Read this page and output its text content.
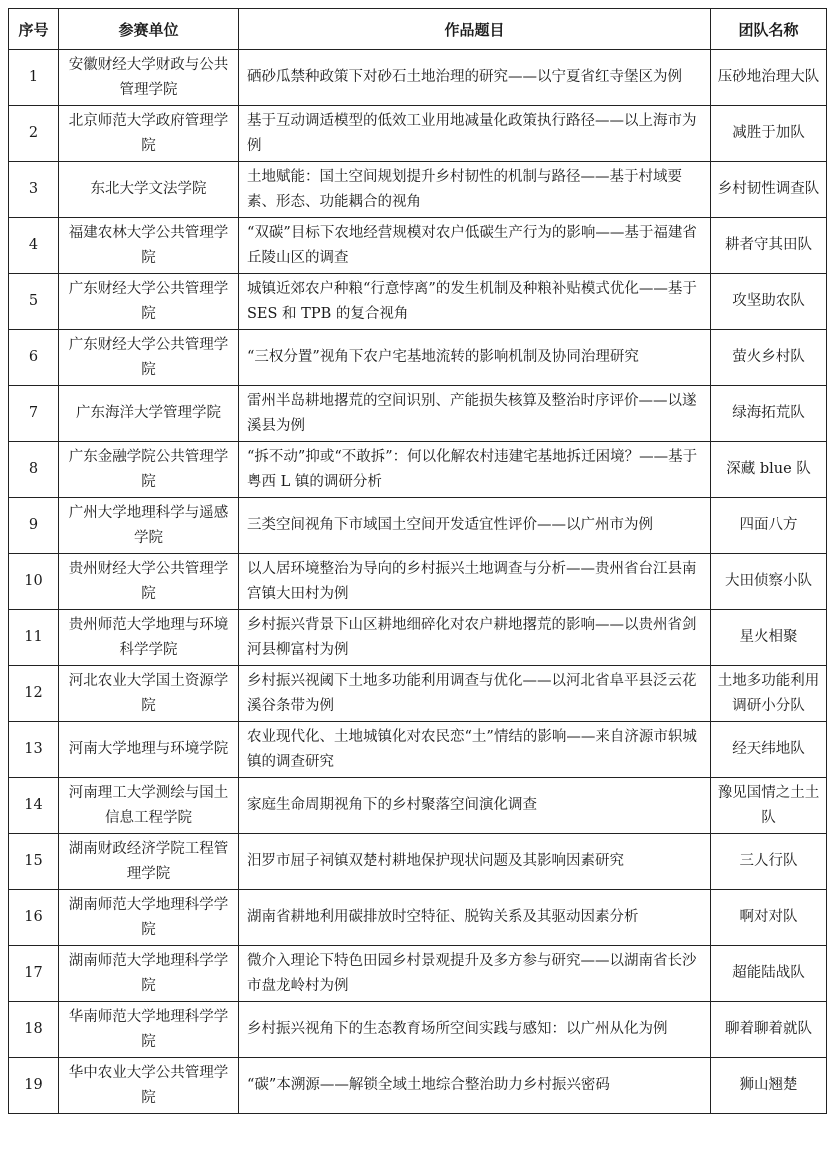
序号	参赛单位	作品题目	团队名称
1	安徽财经大学财政与公共管理学院	硒砂瓜禁种政策下对砂石土地治理的研究——以宁夏省红寺堡区为例	压砂地治理大队
2	北京师范大学政府管理学院	基于互动调适模型的低效工业用地减量化政策执行路径——以上海市为例	减胜于加队
3	东北大学文法学院	土地赋能：国土空间规划提升乡村韧性的机制与路径——基于村域要素、形态、功能耦合的视角	乡村韧性调查队
4	福建农林大学公共管理学院	“双碳”目标下农地经营规模对农户低碳生产行为的影响——基于福建省丘陵山区的调查	耕者守其田队
5	广东财经大学公共管理学院	城镇近郊农户种粮“行意悖离”的发生机制及种粮补贴模式优化——基于 SES 和 TPB 的复合视角	攻坚助农队
6	广东财经大学公共管理学院	“三权分置”视角下农户宅基地流转的影响机制及协同治理研究	萤火乡村队
7	广东海洋大学管理学院	雷州半岛耕地撂荒的空间识别、产能损失核算及整治时序评价——以遂溪县为例	绿海拓荒队
8	广东金融学院公共管理学院	“拆不动”抑或“不敢拆”：何以化解农村违建宅基地拆迁困境？——基于粤西 L 镇的调研分析	深藏 blue 队
9	广州大学地理科学与遥感学院	三类空间视角下市域国土空间开发适宜性评价——以广州市为例	四面八方
10	贵州财经大学公共管理学院	以人居环境整治为导向的乡村振兴土地调查与分析——贵州省台江县南宫镇大田村为例	大田侦察小队
11	贵州师范大学地理与环境科学学院	乡村振兴背景下山区耕地细碎化对农户耕地撂荒的影响——以贵州省剑河县柳富村为例	星火相聚
12	河北农业大学国土资源学院	乡村振兴视阈下土地多功能利用调查与优化——以河北省阜平县泛云花溪谷条带为例	土地多功能利用调研小分队
13	河南大学地理与环境学院	农业现代化、土地城镇化对农民恋“土”情结的影响——来自济源市轵城镇的调查研究	经天纬地队
14	河南理工大学测绘与国土信息工程学院	家庭生命周期视角下的乡村聚落空间演化调查	豫见国情之土土队
15	湖南财政经济学院工程管理学院	汨罗市屈子祠镇双楚村耕地保护现状问题及其影响因素研究	三人行队
16	湖南师范大学地理科学学院	湖南省耕地利用碳排放时空特征、脱钩关系及其驱动因素分析	啊对对队
17	湖南师范大学地理科学学院	微介入理论下特色田园乡村景观提升及多方参与研究——以湖南省长沙市盘龙岭村为例	超能陆战队
18	华南师范大学地理科学学院	乡村振兴视角下的生态教育场所空间实践与感知：以广州从化为例	聊着聊着就队
19	华中农业大学公共管理学院	“碳”本溯源——解锁全域土地综合整治助力乡村振兴密码	狮山翘楚
